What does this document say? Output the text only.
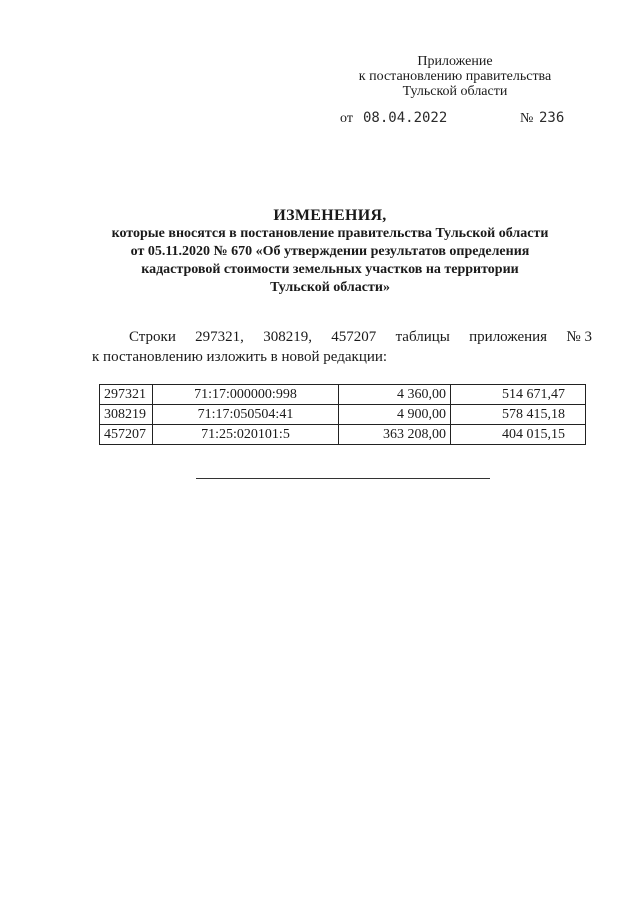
Приложение
к постановлению правительства
Тульской области
от 08.04.2022	№ 236
ИЗМЕНЕНИЯ,
которые вносятся в постановление правительства Тульской области
от 05.11.2020 № 670 «Об утверждении результатов определения
кадастровой стоимости земельных участков на территории
Тульской области»
Строки 297321, 308219, 457207 таблицы приложения № 3
к постановлению изложить в новой редакции:
297321	71:17:000000:998	4 360,00	514 671,47
308219	71:17:050504:41	4 900,00	578 415,18
457207	71:25:020101:5	363 208,00	404 015,15
